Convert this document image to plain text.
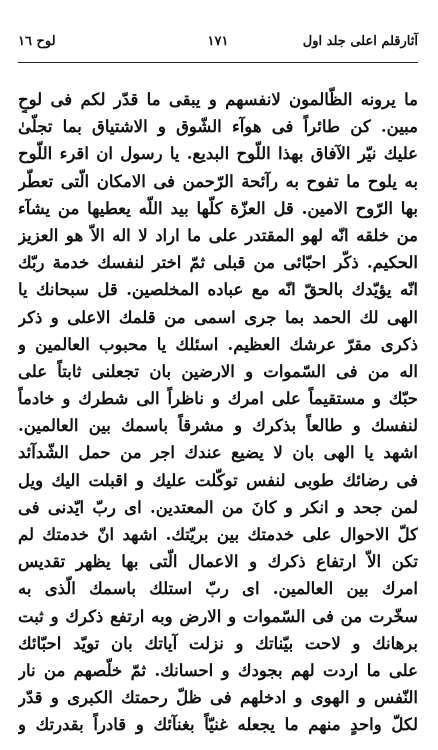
آثارقلم اعلى جلد اول
١٧١
لوح ١٦
ما يرونه الظّالمون لانفسهم و يبقى ما قدّر لكم فى لوحٍ
مبين. كن طائراً فى هوآء الشّوق و الاشتياق بما تجلّىٰ
عليك نيّر الآفاق بهذا اللّوح البديع. يا رسول ان اقرء اللّوح
به يلوح ما تفوح به رآئحة الرّحمن فى الامكان الّتى تعطّر
بها الرّوح الامين. قل العزّة كلّها بيد اللّه يعطيها من يشآء
من خلقه انّه لهو المقتدر على ما اراد لا اله الاّ هو العزيز
الحكيم. ذكّر احبّائى من قبلى ثمّ اختر لنفسك خدمة ربّك
انّه يؤيّدك بالحقّ انّه مع عباده المخلصين. قل سبحانك يا
الهى لك الحمد بما جرى اسمى من قلمك الاعلى و ذكر
ذكرى مقرّ عرشك العظيم. اسئلك يا محبوب العالمين و
اله من فى السّموات و الارضين بان تجعلنى ثابتاً على
حبّك و مستقيماً على امرك و ناظراً الى شطرك و خادماً
لنفسك و طالعاً بذكرك و مشرقاً باسمك بين العالمين.
اشهد يا الهى بان لا يضيع عندك اجر من حمل الشّدآئد
فى رضائك طوبى لنفس توكّلت عليك و اقبلت اليك ويل
لمن جحد و انكر و كانَ من المعتدين. اى ربّ ايّدنى فى
كلّ الاحوال على خدمتك بين بريّتك. اشهد انّ خدمتك لم
تكن الاّ ارتفاع ذكرك و الاعمال الّتى بها يظهر تقديس
امرك بين العالمين. اى ربّ استلك باسمك الّذى به
سخّرت من فى السّموات و الارض وبه ارتفع ذكرك و ثبت
برهانك و لاحت بيّناتك و نزلت آياتك بان تويّد احبّائك
على ما اردت لهم بجودك و احسانك. ثمّ خلّصهم من نار
النّفس و الهوى و ادخلهم فى ظلّ رحمتك الكبرى و قدّر
لكلّ واحدٍ منهم ما يجعله غنيّاً بغنآئك و قادراً بقدرتك و
